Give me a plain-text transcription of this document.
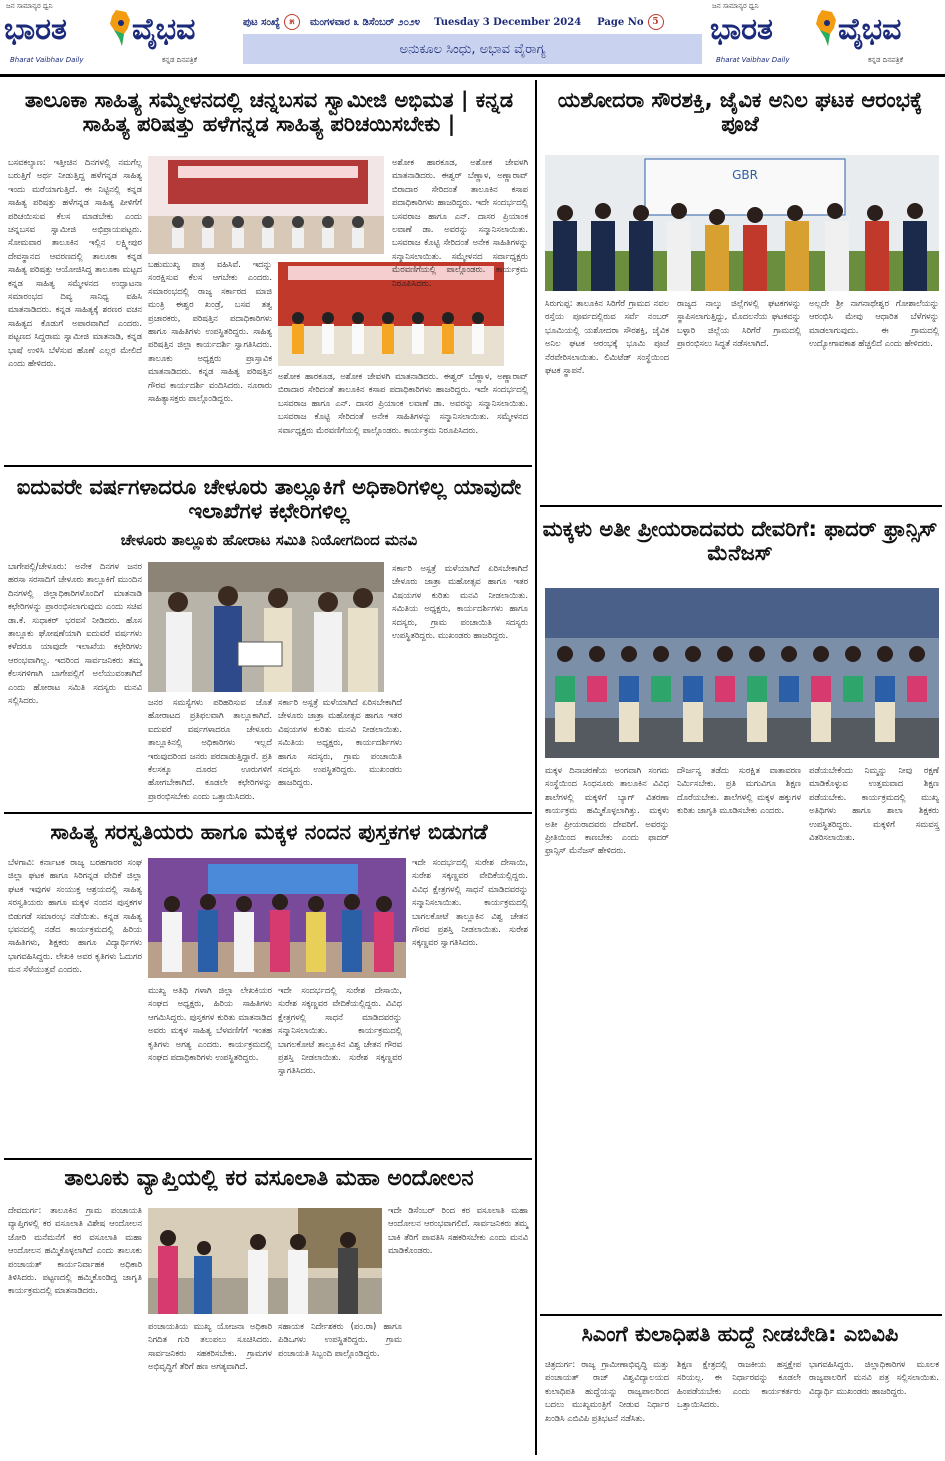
ಜನ ಸಾಮಾನ್ಯರ ಧ್ವನಿ
ಭಾರತ ವೈಭವ
Bharat Vaibhav Daily	ಕನ್ನಡ ದಿನಪತ್ರಿಕೆ
ಪುಟ ಸಂಖ್ಯೆ	೫	ಮಂಗಳವಾರ ೩ ಡಿಸೆಂಬರ್ ೨೦೨೪ Tuesday 3 December 2024 Page No 5
ಅನುಕೂಲ ಸಿಂಧು, ಅಭಾವ ವೈರಾಗ್ಯ
ಜನ ಸಾಮಾನ್ಯರ ಧ್ವನಿ
ಭಾರತ ವೈಭವ
Bharat Vaibhav Daily	ಕನ್ನಡ ದಿನಪತ್ರಿಕೆ
ತಾಲೂಕಾ ಸಾಹಿತ್ಯ ಸಮ್ಮೇಳನದಲ್ಲಿ ಚನ್ನಬಸವ ಸ್ವಾಮೀಜಿ ಅಭಿಮತ | ಕನ್ನಡ ಸಾಹಿತ್ಯ ಪರಿಷತ್ತು ಹಳೆಗನ್ನಡ ಸಾಹಿತ್ಯ ಪರಿಚಯಿಸಬೇಕು |
ಬಸವಕಲ್ಯಾಣ: ಇತ್ತೀಚಿನ ದಿನಗಳಲ್ಲಿ ನಮಗೆಲ್ಲ ಬರುತ್ತಿಗೆ ಅರ್ಥ ನೀಡುತ್ತಿದ್ದ ಹಳೆಗನ್ನಡ ಸಾಹಿತ್ಯ ಇಂದು ಮರೆಯಾಗುತ್ತಿದೆ. ಈ ನಿಟ್ಟಿನಲ್ಲಿ ಕನ್ನಡ ಸಾಹಿತ್ಯ ಪರಿಷತ್ತು ಹಳೆಗನ್ನಡ ಸಾಹಿತ್ಯ ಪೀಳಿಗೆಗೆ ಪರಿಚಯಿಸುವ ಕೆಲಸ ಮಾಡಬೇಕು ಎಂದು ಚನ್ನಬಸವ ಸ್ವಾಮೀಜಿ ಅಭಿಪ್ರಾಯಪಟ್ಟರು. ಸೋಮವಾರ ತಾಲೂಕಿನ ಇಲ್ಲಿನ ಲಕ್ಷ್ಮೀಪುರ ದೇವಸ್ಥಾನದ ಆವರಣದಲ್ಲಿ ತಾಲೂಕಾ ಕನ್ನಡ ಸಾಹಿತ್ಯ ಪರಿಷತ್ತು ಆಯೋಜಿಸಿದ್ದ ತಾಲೂಕಾ ಮಟ್ಟದ ಕನ್ನಡ ಸಾಹಿತ್ಯ ಸಮ್ಮೇಳನದ ಉದ್ಘಾಟನಾ ಸಮಾರಂಭದ ದಿವ್ಯ ಸಾನಿಧ್ಯ ವಹಿಸಿ ಮಾತನಾಡಿದರು. ಕನ್ನಡ ಸಾಹಿತ್ಯಕ್ಕೆ ಶರಣರ ವಚನ ಸಾಹಿತ್ಯದ ಕೊಡುಗೆ ಅಪಾರವಾಗಿದೆ ಎಂದರು. ಪಟ್ಟಣದ ಸಿದ್ದರಾಮ ಸ್ವಾಮೀಜಿ ಮಾತನಾಡಿ, ಕನ್ನಡ ಭಾಷೆ ಉಳಿಸಿ ಬೆಳೆಸುವ ಹೊಣೆ ಎಲ್ಲರ ಮೇಲಿದೆ ಎಂದು ಹೇಳಿದರು.
ಬಹುಮುಖ್ಯ ಪಾತ್ರ ವಹಿಸಿವೆ. ಇದನ್ನು ಸಂರಕ್ಷಿಸುವ ಕೆಲಸ ಆಗಬೇಕು ಎಂದರು. ಸಮಾರಂಭದಲ್ಲಿ ರಾಜ್ಯ ಸರ್ಕಾರದ ಮಾಜಿ ಮಂತ್ರಿ ಈಶ್ವರ ಖಂಡ್ರೆ, ಬಸವ ತತ್ವ ಪ್ರಚಾರಕರು, ಪರಿಷತ್ತಿನ ಪದಾಧಿಕಾರಿಗಳು ಹಾಗೂ ಸಾಹಿತಿಗಳು ಉಪಸ್ಥಿತರಿದ್ದರು. ಸಾಹಿತ್ಯ ಪರಿಷತ್ತಿನ ಜಿಲ್ಲಾ ಕಾರ್ಯದರ್ಶಿ ಸ್ವಾಗತಿಸಿದರು. ತಾಲೂಕು ಅಧ್ಯಕ್ಷರು ಪ್ರಾಸ್ತಾವಿಕ ಮಾತನಾಡಿದರು. ಕನ್ನಡ ಸಾಹಿತ್ಯ ಪರಿಷತ್ತಿನ ಗೌರವ ಕಾರ್ಯದರ್ಶಿ ವಂದಿಸಿದರು. ನೂರಾರು ಸಾಹಿತ್ಯಾಸಕ್ತರು ಪಾಲ್ಗೊಂಡಿದ್ದರು.
ಅಶೋಕ ಹಾರಕೂಡ, ಅಶೋಕ ಜೇವಳಗಿ ಮಾತನಾಡಿದರು. ಈಶ್ವರ್ ಬೆಣ್ಣಾಳ, ಅಣ್ಣಾರಾವ್ ಬಿರಾದಾರ ಸೇರಿದಂತೆ ತಾಲೂಕಿನ ಕಸಾಪ ಪದಾಧಿಕಾರಿಗಳು ಹಾಜರಿದ್ದರು. ಇದೇ ಸಂದರ್ಭದಲ್ಲಿ ಬಸವರಾಜ ಹಾಗೂ ಎನ್. ದಾಸರ ಪ್ರಿಯಾಂಕ ಲವಾಣೆ ಡಾ. ಅವರನ್ನು ಸನ್ಮಾನಿಸಲಾಯಿತು. ಬಸವರಾಜ ಕೊಟ್ಟಿ ಸೇರಿದಂತೆ ಅನೇಕ ಸಾಹಿತಿಗಳನ್ನು ಸನ್ಮಾನಿಸಲಾಯಿತು. ಸಮ್ಮೇಳನದ ಸರ್ವಾಧ್ಯಕ್ಷರು ಮೆರವಣಿಗೆಯಲ್ಲಿ ಪಾಲ್ಗೊಂಡರು. ಕಾರ್ಯಕ್ರಮ ನಿರೂಪಿಸಿದರು.
ಅಶೋಕ ಹಾರಕೂಡ, ಅಶೋಕ ಜೇವಳಗಿ ಮಾತನಾಡಿದರು. ಈಶ್ವರ್ ಬೆಣ್ಣಾಳ, ಅಣ್ಣಾರಾವ್ ಬಿರಾದಾರ ಸೇರಿದಂತೆ ತಾಲೂಕಿನ ಕಸಾಪ ಪದಾಧಿಕಾರಿಗಳು ಹಾಜರಿದ್ದರು. ಇದೇ ಸಂದರ್ಭದಲ್ಲಿ ಬಸವರಾಜ ಹಾಗೂ ಎನ್. ದಾಸರ ಪ್ರಿಯಾಂಕ ಲವಾಣೆ ಡಾ. ಅವರನ್ನು ಸನ್ಮಾನಿಸಲಾಯಿತು. ಬಸವರಾಜ ಕೊಟ್ಟಿ ಸೇರಿದಂತೆ ಅನೇಕ ಸಾಹಿತಿಗಳನ್ನು ಸನ್ಮಾನಿಸಲಾಯಿತು. ಸಮ್ಮೇಳನದ ಸರ್ವಾಧ್ಯಕ್ಷರು ಮೆರವಣಿಗೆಯಲ್ಲಿ ಪಾಲ್ಗೊಂಡರು. ಕಾರ್ಯಕ್ರಮ ನಿರೂಪಿಸಿದರು.
ಐದುವರೇ ವರ್ಷಗಳಾದರೂ ಚೇಳೂರು ತಾಲ್ಲೂಕಿಗೆ ಅಧಿಕಾರಿಗಳಿಲ್ಲ ಯಾವುದೇ ಇಲಾಖೆಗಳ ಕಛೇರಿಗಳಿಲ್ಲ
ಚೇಳೂರು ತಾಲ್ಲೂಕು ಹೋರಾಟ ಸಮಿತಿ ನಿಯೋಗದಿಂದ ಮನವಿ
ಬಾಗೇಪಲ್ಲಿ/ಚೇಳೂರು: ಅನೇಕ ದಿನಗಳ ಜನರ ಹರಸಾ ಸರಸಾದಿಗೆ ಚೇಳೂರು ತಾಲ್ಲೂಕಿಗೆ ಮುಂದಿನ ದಿನಗಳಲ್ಲಿ ಜಿಲ್ಲಾಧಿಕಾರಿಗಳೊಂದಿಗೆ ಮಾತನಾಡಿ ಕಛೇರಿಗಳನ್ನು ಪ್ರಾರಂಭಿಸಲಾಗುವುದು ಎಂದು ಸಚಿವ ಡಾ.ಕೆ. ಸುಧಾಕರ್ ಭರವಸೆ ನೀಡಿದರು. ಹೊಸ ತಾಲ್ಲೂಕು ಘೋಷಣೆಯಾಗಿ ಐದುವರೆ ವರ್ಷಗಳು ಕಳೆದರೂ ಯಾವುದೇ ಇಲಾಖೆಯ ಕಛೇರಿಗಳು ಆರಂಭವಾಗಿಲ್ಲ. ಇದರಿಂದ ಸಾರ್ವಜನಿಕರು ತಮ್ಮ ಕೆಲಸಗಳಿಗಾಗಿ ಬಾಗೇಪಲ್ಲಿಗೆ ಅಲೆಯುವಂತಾಗಿದೆ ಎಂದು ಹೋರಾಟ ಸಮಿತಿ ಸದಸ್ಯರು ಮನವಿ ಸಲ್ಲಿಸಿದರು.	ಜನರ ಸಮಸ್ಯೆಗಳು ಪರಿಹರಿಸುವ ಜೊತೆ ಹೋರಾಟದ ಪ್ರತಿಫಲವಾಗಿ ತಾಲ್ಲೂಕಾಗಿದೆ. ಐದುವರೆ ವರ್ಷಗಳಾದರೂ ಚೇಳೂರು ತಾಲ್ಲೂಕಿನಲ್ಲಿ ಅಧಿಕಾರಿಗಳು ಇಲ್ಲದೆ ಇರುವುದರಿಂದ ಜನರು ಪರದಾಡುತ್ತಿದ್ದಾರೆ. ಪ್ರತಿ ಕೆಲಸಕ್ಕೂ ದೂರದ ಊರುಗಳಿಗೆ ಹೋಗಬೇಕಾಗಿದೆ. ಕೂಡಲೇ ಕಛೇರಿಗಳನ್ನು ಪ್ರಾರಂಭಿಸಬೇಕು ಎಂದು ಒತ್ತಾಯಿಸಿದರು.
ಸರ್ಕಾರಿ ಅಸ್ಪತ್ರೆ ಮಳೆಯಾಗಿದೆ ಏರಿಸಬೇಕಾಗಿದೆ ಚೇಳೂರು ಜಾತ್ರಾ ಮಹೋತ್ಸವ ಹಾಗೂ ಇತರ ವಿಷಯಗಳ ಕುರಿತು ಮನವಿ ನೀಡಲಾಯಿತು. ಸಮಿತಿಯ ಅಧ್ಯಕ್ಷರು, ಕಾರ್ಯದರ್ಶಿಗಳು ಹಾಗೂ ಸದಸ್ಯರು, ಗ್ರಾಮ ಪಂಚಾಯಿತಿ ಸದಸ್ಯರು ಉಪಸ್ಥಿತರಿದ್ದರು. ಮುಖಂಡರು ಹಾಜರಿದ್ದರು.
ಸರ್ಕಾರಿ ಅಸ್ಪತ್ರೆ ಮಳೆಯಾಗಿದೆ ಏರಿಸಬೇಕಾಗಿದೆ ಚೇಳೂರು ಜಾತ್ರಾ ಮಹೋತ್ಸವ ಹಾಗೂ ಇತರ ವಿಷಯಗಳ ಕುರಿತು ಮನವಿ ನೀಡಲಾಯಿತು. ಸಮಿತಿಯ ಅಧ್ಯಕ್ಷರು, ಕಾರ್ಯದರ್ಶಿಗಳು ಹಾಗೂ ಸದಸ್ಯರು, ಗ್ರಾಮ ಪಂಚಾಯಿತಿ ಸದಸ್ಯರು ಉಪಸ್ಥಿತರಿದ್ದರು. ಮುಖಂಡರು ಹಾಜರಿದ್ದರು.
ಸಾಹಿತ್ಯ ಸರಸ್ವತಿಯರು ಹಾಗೂ ಮಕ್ಕಳ ನಂದನ ಪುಸ್ತಕಗಳ ಬಿಡುಗಡೆ
ಬೆಳಗಾವಿ: ಕರ್ನಾಟಕ ರಾಜ್ಯ ಬರಹಗಾರರ ಸಂಘ ಜಿಲ್ಲಾ ಘಟಕ ಹಾಗೂ ಸಿರಿಗನ್ನಡ ವೇದಿಕೆ ಜಿಲ್ಲಾ ಘಟಕ ಇವುಗಳ ಸಂಯುಕ್ತ ಆಶ್ರಯದಲ್ಲಿ ಸಾಹಿತ್ಯ ಸರಸ್ವತಿಯರು ಹಾಗೂ ಮಕ್ಕಳ ನಂದನ ಪುಸ್ತಕಗಳ ಬಿಡುಗಡೆ ಸಮಾರಂಭ ನಡೆಯಿತು. ಕನ್ನಡ ಸಾಹಿತ್ಯ ಭವನದಲ್ಲಿ ನಡೆದ ಕಾರ್ಯಕ್ರಮದಲ್ಲಿ ಹಿರಿಯ ಸಾಹಿತಿಗಳು, ಶಿಕ್ಷಕರು ಹಾಗೂ ವಿದ್ಯಾರ್ಥಿಗಳು ಭಾಗವಹಿಸಿದ್ದರು. ಲೇಖಕಿ ಅವರ ಕೃತಿಗಳು ಓದುಗರ ಮನ ಸೆಳೆಯುತ್ತವೆ ಎಂದರು.
ಮುಖ್ಯ ಅತಿಥಿ ಗಳಾಗಿ ಜಿಲ್ಲಾ ಲೇಖಕಿಯರ ಸಂಘದ ಅಧ್ಯಕ್ಷರು, ಹಿರಿಯ ಸಾಹಿತಿಗಳು ಆಗಮಿಸಿದ್ದರು. ಪುಸ್ತಕಗಳ ಕುರಿತು ಮಾತನಾಡಿದ ಅವರು ಮಕ್ಕಳ ಸಾಹಿತ್ಯ ಬೆಳವಣಿಗೆಗೆ ಇಂತಹ ಕೃತಿಗಳು ಅಗತ್ಯ ಎಂದರು. ಕಾರ್ಯಕ್ರಮದಲ್ಲಿ ಸಂಘದ ಪದಾಧಿಕಾರಿಗಳು ಉಪಸ್ಥಿತರಿದ್ದರು.
ಇದೇ ಸಂದರ್ಭದಲ್ಲಿ ಸುರೇಶ ದೇಸಾಯಿ, ಸುರೇಶ ಸಕ್ಕಣ್ಣವರ ವೇದಿಕೆಯಲ್ಲಿದ್ದರು. ವಿವಿಧ ಕ್ಷೇತ್ರಗಳಲ್ಲಿ ಸಾಧನೆ ಮಾಡಿದವರನ್ನು ಸನ್ಮಾನಿಸಲಾಯಿತು. ಕಾರ್ಯಕ್ರಮದಲ್ಲಿ ಬಾಗಲಕೋಟೆ ತಾಲ್ಲೂಕಿನ ವಿಶ್ವ ಚೇತನ ಗೌರವ ಪ್ರಶಸ್ತಿ ನೀಡಲಾಯಿತು. ಸುರೇಶ ಸಕ್ಕಣ್ಣವರ ಸ್ವಾಗತಿಸಿದರು.
ಇದೇ ಸಂದರ್ಭದಲ್ಲಿ ಸುರೇಶ ದೇಸಾಯಿ, ಸುರೇಶ ಸಕ್ಕಣ್ಣವರ ವೇದಿಕೆಯಲ್ಲಿದ್ದರು. ವಿವಿಧ ಕ್ಷೇತ್ರಗಳಲ್ಲಿ ಸಾಧನೆ ಮಾಡಿದವರನ್ನು ಸನ್ಮಾನಿಸಲಾಯಿತು. ಕಾರ್ಯಕ್ರಮದಲ್ಲಿ ಬಾಗಲಕೋಟೆ ತಾಲ್ಲೂಕಿನ ವಿಶ್ವ ಚೇತನ ಗೌರವ ಪ್ರಶಸ್ತಿ ನೀಡಲಾಯಿತು. ಸುರೇಶ ಸಕ್ಕಣ್ಣವರ ಸ್ವಾಗತಿಸಿದರು.
ತಾಲೂಕು ವ್ಯಾಪ್ತಿಯಲ್ಲಿ ಕರ ವಸೂಲಾತಿ ಮಹಾ ಅಂದೋಲನ
ದೇವದುರ್ಗ: ತಾಲೂಕಿನ ಗ್ರಾಮ ಪಂಚಾಯತಿ ವ್ಯಾಪ್ತಿಗಳಲ್ಲಿ ಕರ ವಸೂಲಾತಿ ವಿಶೇಷ ಆಂದೋಲನ ಜೋರಿ ಮನೆಮನೆಗೆ ಕರ ವಸೂಲಾತಿ ಮಹಾ ಆಂದೋಲನ ಹಮ್ಮಿಕೊಳ್ಳಲಾಗಿದೆ ಎಂದು ತಾಲೂಕು ಪಂಚಾಯತ್ ಕಾರ್ಯನಿರ್ವಾಹಕ ಅಧಿಕಾರಿ ತಿಳಿಸಿದರು. ಪಟ್ಟಣದಲ್ಲಿ ಹಮ್ಮಿಕೊಂಡಿದ್ದ ಜಾಗೃತಿ ಕಾರ್ಯಕ್ರಮದಲ್ಲಿ ಮಾತನಾಡಿದರು.
ಪಂಚಾಯತಿಯ ಮುಖ್ಯ ಯೋಜನಾ ಅಧಿಕಾರಿ ನಿಗದಿತ ಗುರಿ ತಲುಪಲು ಸೂಚಿಸಿದರು. ಸಾರ್ವಜನಿಕರು ಸಹಕರಿಸಬೇಕು. ಗ್ರಾಮಗಳ ಅಭಿವೃದ್ಧಿಗೆ ತೆರಿಗೆ ಹಣ ಅಗತ್ಯವಾಗಿದೆ.
ಸಹಾಯಕ ನಿರ್ದೇಶಕರು (ಪಂ.ರಾ) ಹಾಗೂ ಪಿಡಿಒಗಳು ಉಪಸ್ಥಿತರಿದ್ದರು. ಗ್ರಾಮ ಪಂಚಾಯತಿ ಸಿಬ್ಬಂದಿ ಪಾಲ್ಗೊಂಡಿದ್ದರು.
ಇದೇ ಡಿಸೆಂಬರ್ ರಿಂದ ಕರ ವಸೂಲಾತಿ ಮಹಾ ಆಂದೋಲನ ಆರಂಭವಾಗಲಿದೆ. ಸಾರ್ವಜನಿಕರು ತಮ್ಮ ಬಾಕಿ ತೆರಿಗೆ ಪಾವತಿಸಿ ಸಹಕರಿಸಬೇಕು ಎಂದು ಮನವಿ ಮಾಡಿಕೊಂಡರು.
ಯಶೋದರಾ ಸೌರಶಕ್ತಿ, ಜೈವಿಕ ಅನಿಲ ಘಟಕ ಆರಂಭಕ್ಕೆ ಪೂಜೆ
GBR
ಸಿರುಗುಪ್ಪ: ತಾಲೂಕಿನ ಸಿರಿಗೆರೆ ಗ್ರಾಮದ ನವಲ ರಸ್ತೆಯ ಪೂರ್ವದಲ್ಲಿರುವ ಸರ್ವೆ ನಂಬರ್ ಭೂಮಿಯಲ್ಲಿ ಯಶೋದರಾ ಸೌರಶಕ್ತಿ, ಜೈವಿಕ ಅನಿಲ ಘಟಕ ಆರಂಭಕ್ಕೆ ಭೂಮಿ ಪೂಜೆ ನೆರವೇರಿಸಲಾಯಿತು. ಲಿಮಿಟೆಡ್ ಸಂಸ್ಥೆಯಿಂದ ಘಟಕ ಸ್ಥಾಪನೆ.
ರಾಜ್ಯದ ನಾಲ್ಕು ಜಿಲ್ಲೆಗಳಲ್ಲಿ ಘಟಕಗಳನ್ನು ಸ್ಥಾಪಿಸಲಾಗುತ್ತಿದ್ದು, ಮೊದಲನೆಯ ಘಟಕವನ್ನು ಬಳ್ಳಾರಿ ಜಿಲ್ಲೆಯ ಸಿರಿಗೆರೆ ಗ್ರಾಮದಲ್ಲಿ ಪ್ರಾರಂಭಿಸಲು ಸಿದ್ಧತೆ ನಡೆಸಲಾಗಿದೆ.
ಅಲ್ಲದೇ ಶ್ರೀ ನಾಗನಾಥೇಶ್ವರ ಗೋಶಾಲೆಯನ್ನು ಆರಂಭಿಸಿ ಮೇವು ಆಧಾರಿತ ಬೆಳೆಗಳನ್ನು ಮಾಡಲಾಗುವುದು. ಈ ಗ್ರಾಮದಲ್ಲಿ ಉದ್ಯೋಗಾವಕಾಶ ಹೆಚ್ಚಲಿದೆ ಎಂದು ಹೇಳಿದರು.
ಮಕ್ಕಳು ಅತೀ ಪ್ರೀಯರಾದವರು ದೇವರಿಗೆ: ಫಾದರ್ ಫ್ರಾನ್ಸಿಸ್ ಮೆನೆಜಸ್
ಮಕ್ಕಳ ದಿನಾಚರಣೆಯ ಅಂಗವಾಗಿ ಸಂಗಮ ಸಂಸ್ಥೆಯಿಂದ ಸಿಂಧನೂರು ತಾಲೂಕಿನ ವಿವಿಧ ಶಾಲೆಗಳಲ್ಲಿ ಮಕ್ಕಳಿಗೆ ಬ್ಯಾಗ್ ವಿತರಣಾ ಕಾರ್ಯಕ್ರಮ ಹಮ್ಮಿಕೊಳ್ಳಲಾಗಿತ್ತು. ಮಕ್ಕಳು ಅತೀ ಪ್ರೀಯರಾದವರು ದೇವರಿಗೆ. ಅವರನ್ನು ಪ್ರೀತಿಯಿಂದ ಕಾಣಬೇಕು ಎಂದು ಫಾದರ್ ಫ್ರಾನ್ಸಿಸ್ ಮೆನೆಜಸ್ ಹೇಳಿದರು.
ದೌರ್ಜನ್ಯ ತಡೆದು ಸುರಕ್ಷಿತ ವಾತಾವರಣ ನಿರ್ಮಿಸಬೇಕು. ಪ್ರತಿ ಮಗುವಿಗೂ ಶಿಕ್ಷಣ ದೊರೆಯಬೇಕು. ಶಾಲೆಗಳಲ್ಲಿ ಮಕ್ಕಳ ಹಕ್ಕುಗಳ ಕುರಿತು ಜಾಗೃತಿ ಮೂಡಿಸಬೇಕು ಎಂದರು.
ಪಡೆಯಬೇಕೆಂದು ನಿಮ್ಮನ್ನು ನೀವು ರಕ್ಷಣೆ ಮಾಡಿಕೊಳ್ಳುವ ಉತ್ತಮವಾದ ಶಿಕ್ಷಣ ಪಡೆಯಬೇಕು. ಕಾರ್ಯಕ್ರಮದಲ್ಲಿ ಮುಖ್ಯ ಅತಿಥಿಗಳು ಹಾಗೂ ಶಾಲಾ ಶಿಕ್ಷಕರು ಉಪಸ್ಥಿತರಿದ್ದರು. ಮಕ್ಕಳಿಗೆ ಸಮವಸ್ತ್ರ ವಿತರಿಸಲಾಯಿತು.
ಸಿಎಂಗೆ ಕುಲಾಧಿಪತಿ ಹುದ್ದೆ ನೀಡಬೇಡಿ: ಎಬಿವಿಪಿ
ಚಿತ್ರದುರ್ಗ: ರಾಜ್ಯ ಗ್ರಾಮೀಣಾಭಿವೃದ್ಧಿ ಮತ್ತು ಪಂಚಾಯತ್ ರಾಜ್ ವಿಶ್ವವಿದ್ಯಾಲಯದ ಕುಲಾಧಿಪತಿ ಹುದ್ದೆಯನ್ನು ರಾಜ್ಯಪಾಲರಿಂದ ಬದಲು ಮುಖ್ಯಮಂತ್ರಿಗೆ ನೀಡುವ ನಿರ್ಧಾರ ಖಂಡಿಸಿ ಎಬಿವಿಪಿ ಪ್ರತಿಭಟನೆ ನಡೆಸಿತು.
ಶಿಕ್ಷಣ ಕ್ಷೇತ್ರದಲ್ಲಿ ರಾಜಕೀಯ ಹಸ್ತಕ್ಷೇಪ ಸರಿಯಲ್ಲ. ಈ ನಿರ್ಧಾರವನ್ನು ಕೂಡಲೇ ಹಿಂಪಡೆಯಬೇಕು ಎಂದು ಕಾರ್ಯಕರ್ತರು ಒತ್ತಾಯಿಸಿದರು.
ಭಾಗವಹಿಸಿದ್ದರು. ಜಿಲ್ಲಾಧಿಕಾರಿಗಳ ಮೂಲಕ ರಾಜ್ಯಪಾಲರಿಗೆ ಮನವಿ ಪತ್ರ ಸಲ್ಲಿಸಲಾಯಿತು. ವಿದ್ಯಾರ್ಥಿ ಮುಖಂಡರು ಹಾಜರಿದ್ದರು.
